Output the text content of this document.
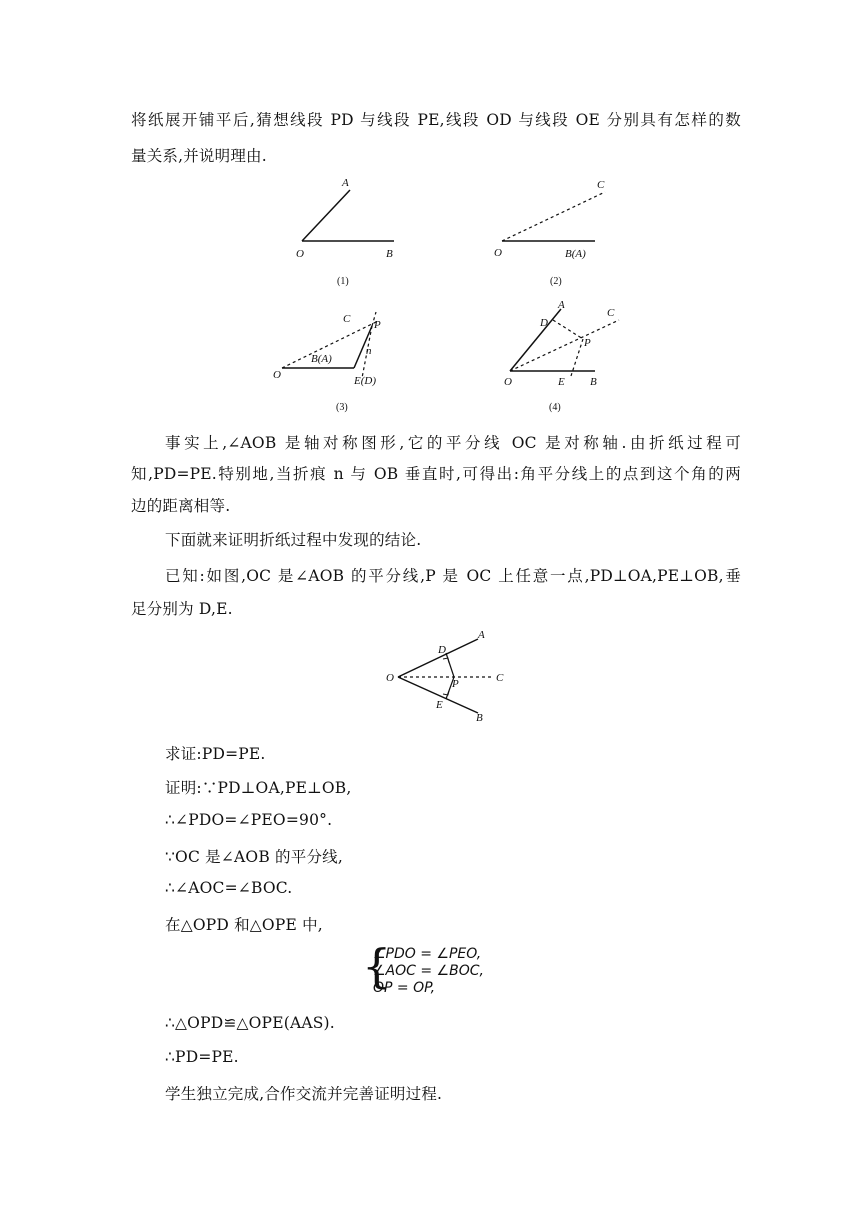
将纸展开铺平后,猜想线段 PD 与线段 PE,线段 OD 与线段 OE 分别具有怎样的数
量关系,并说明理由.
A
O	B
(1)
C
O	B(A)
(2)
C P
B(A)
n
O	E(D)
(3)
A
D
C
P
O	E B
(4)
事实上,∠AOB 是轴对称图形,它的平分线 OC 是对称轴.由折纸过程可
知,PD=PE.特别地,当折痕 n 与 OB 垂直时,可得出:角平分线上的点到这个角的两
边的距离相等.
下面就来证明折纸过程中发现的结论.
已知:如图,OC 是∠AOB 的平分线,P 是 OC 上任意一点,PD⊥OA,PE⊥OB,垂
足分别为 D,E.
A
D
O	P	C
E
B
求证:PD=PE.
证明:∵PD⊥OA,PE⊥OB,
∴∠PDO=∠PEO=90°.
∵OC 是∠AOB 的平分线,
∴∠AOC=∠BOC.
在△OPD 和△OPE 中,
{
∠PDO = ∠PEO,
∠AOC = ∠BOC,
OP = OP,
∴△OPD≌△OPE(AAS).
∴PD=PE.
学生独立完成,合作交流并完善证明过程.
